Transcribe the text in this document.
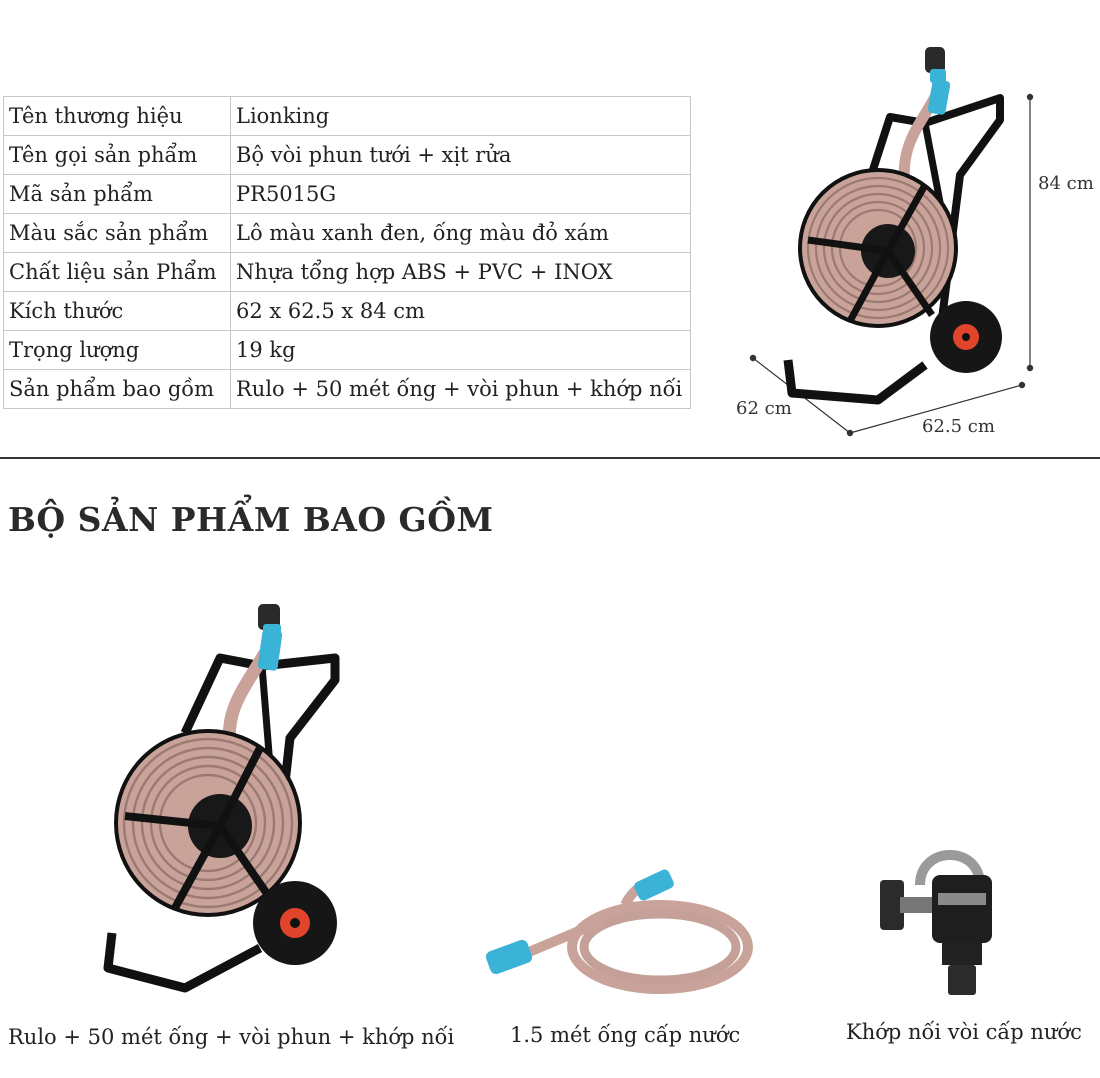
Tên thương hiệu	Lionking
Tên gọi sản phẩm	Bộ vòi phun tưới + xịt rửa
Mã sản phẩm	PR5015G
Màu sắc sản phẩm	Lô màu xanh đen, ống màu đỏ xám
Chất liệu sản Phẩm	Nhựa tổng hợp ABS + PVC + INOX
Kích thước	62 x 62.5 x 84 cm
Trọng lượng	19 kg
Sản phẩm bao gồm	Rulo + 50 mét ống + vòi phun + khớp nối
84 cm
62 cm
62.5 cm
BỘ SẢN PHẨM BAO GỒM
Rulo + 50 mét ống + vòi phun + khớp nối	1.5 mét ống cấp nước	Khớp nối vòi cấp nước
